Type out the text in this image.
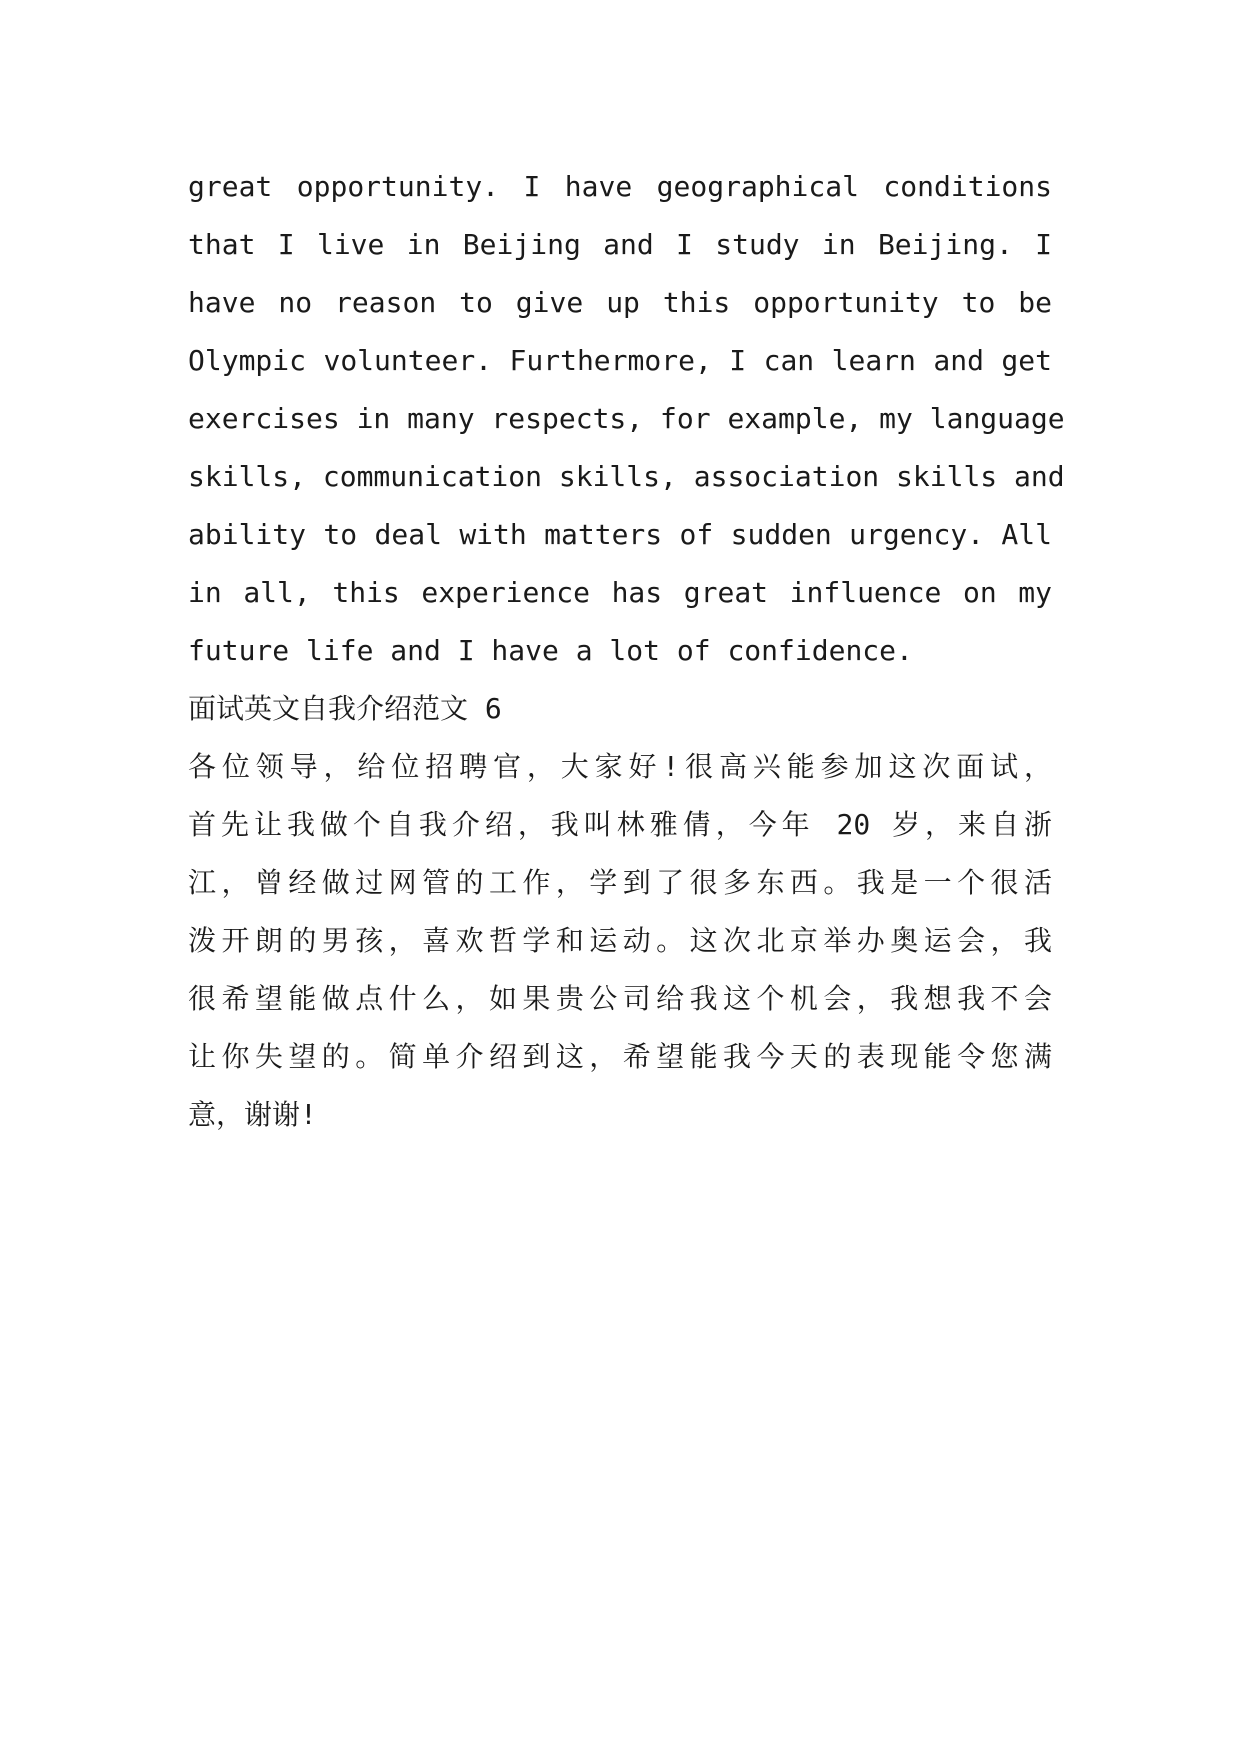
great opportunity. I have geographical conditions
that I live in Beijing and I study in Beijing. I
have no reason to give up this opportunity to be
Olympic volunteer. Furthermore, I can learn and get
exercises in many respects, for example, my language
skills, communication skills, association skills and
ability to deal with matters of sudden urgency. All
in all, this experience has great influence on my
future life and I have a lot of confidence.
面试英文自我介绍范文 6
各位领导，给位招聘官，大家好!很高兴能参加这次面试，
首先让我做个自我介绍，我叫林雅倩，今年 20 岁，来自浙
江，曾经做过网管的工作，学到了很多东西。我是一个很活
泼开朗的男孩，喜欢哲学和运动。这次北京举办奥运会，我
很希望能做点什么，如果贵公司给我这个机会，我想我不会
让你失望的。简单介绍到这，希望能我今天的表现能令您满
意，谢谢!
